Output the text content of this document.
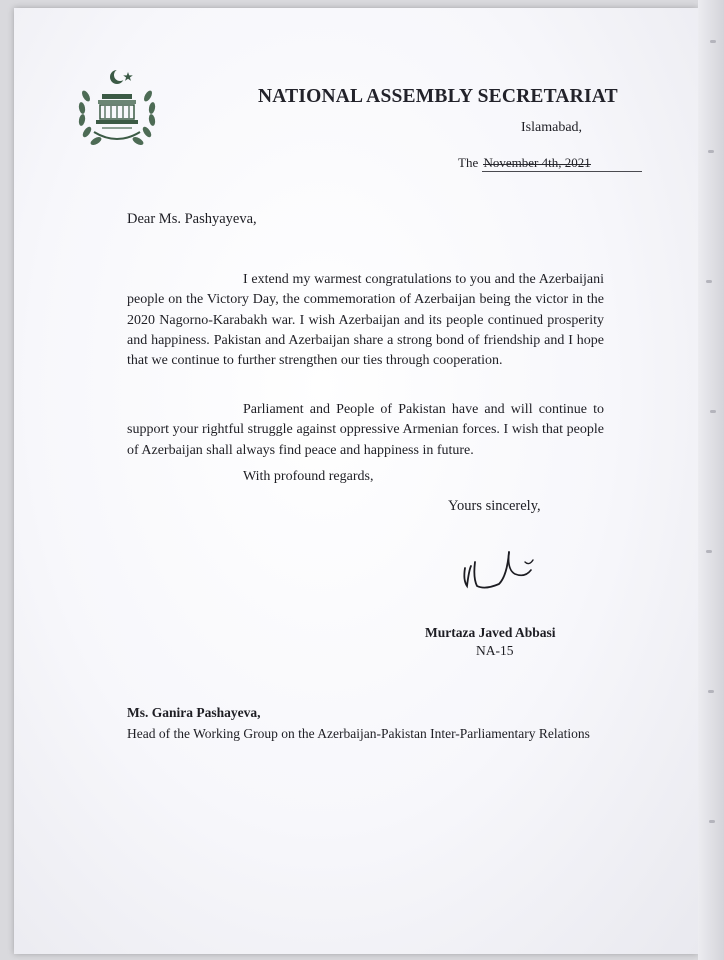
NATIONAL ASSEMBLY SECRETARIAT
Islamabad,
The November 4th, 2021
Dear Ms. Pashyayeva,

I extend my warmest congratulations to you and the Azerbaijani people on the Victory Day, the commemoration of Azerbaijan being the victor in the 2020 Nagorno-Karabakh war. I wish Azerbaijan and its people continued prosperity and happiness. Pakistan and Azerbaijan share a strong bond of friendship and I hope that we continue to further strengthen our ties through cooperation.

Parliament and People of Pakistan have and will continue to support your rightful struggle against oppressive Armenian forces. I wish that people of Azerbaijan shall always find peace and happiness in future.

With profound regards,
Yours sincerely,
Murtaza Javed Abbasi
NA-15
Ms. Ganira Pashayeva,
Head of the Working Group on the Azerbaijan-Pakistan Inter-Parliamentary Relations
